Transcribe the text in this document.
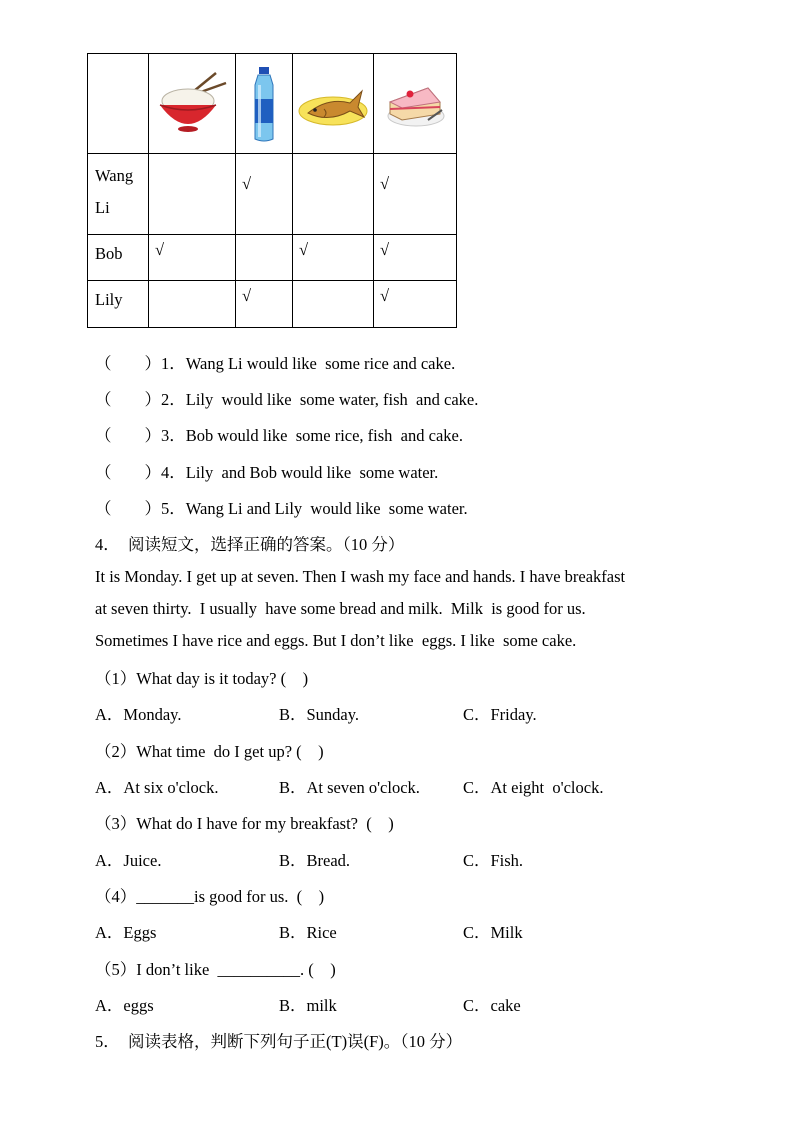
Wang Li		√		√

Bob	√		√	√

Lily		√		√
（　　）1．Wang Li would like  some rice and cake.
（　　）2．Lily  would like  some water, fish  and cake.
（　　）3．Bob would like  some rice, fish  and cake.
（　　）4．Lily  and Bob would like  some water.
（　　）5．Wang Li and Lily  would like  some water.
4．　阅读短文，选择正确的答案。（10 分）
It is Monday. I get up at seven. Then I wash my face and hands. I have breakfast
at seven thirty.  I usually  have some bread and milk.  Milk  is good for us.
Sometimes I have rice and eggs. But I don’t like  eggs. I like  some cake.
（1）What day is it today? (　)
A．Monday.	B．Sunday.	C．Friday.
（2）What time  do I get up? (　)
A．At six o'clock.	B．At seven o'clock.	C．At eight  o'clock.
（3）What do I have for my breakfast?  (　)
A．Juice.	B．Bread.	C．Fish.
（4）_______is good for us.  (　)
A．Eggs	B．Rice	C．Milk
（5）I don’t like  __________. (　)
A．eggs	B．milk	C．cake
5．　阅读表格，判断下列句子正(T)误(F)。（10 分）
